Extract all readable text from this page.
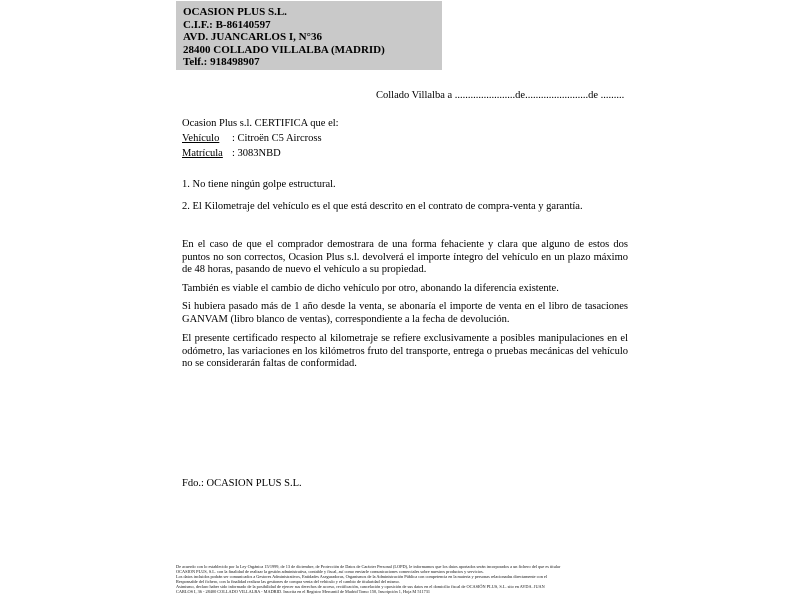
OCASION PLUS S.L.
C.I.F.: B-86140597
AVD. JUANCARLOS I, N°36
28400 COLLADO VILLALBA (MADRID)
Telf.: 918498907
Collado Villalba a .......................de........................de .........
Ocasion Plus s.l. CERTIFICA que el:
Vehículo : Citroën C5 Aircross
Matrícula : 3083NBD
1. No tiene ningún golpe estructural.
2. El Kilometraje del vehículo es el que está descrito en el contrato de compra-venta y garantía.

En el caso de que el comprador demostrara de una forma fehaciente y clara que alguno de estos dos puntos no son correctos, Ocasion Plus s.l. devolverá el importe íntegro del vehículo en un plazo máximo de 48 horas, pasando de nuevo el vehículo a su propiedad.

También es viable el cambio de dicho vehículo por otro, abonando la diferencia existente.

Si hubiera pasado más de 1 año desde la venta, se abonaría el importe de venta en el libro de tasaciones GANVAM (libro blanco de ventas), correspondiente a la fecha de devolución.

El presente certificado respecto al kilometraje se refiere exclusivamente a posibles manipulaciones en el odómetro, las variaciones en los kilómetros fruto del transporte, entrega o pruebas mecánicas del vehículo no se considerarán faltas de conformidad.

Fdo.: OCASION PLUS S.L.
De acuerdo con lo establecido por la Ley Orgánica 15/1999, de 13 de diciembre, de Protección de Datos de Carácter Personal (LOPD), le informamos que los datos aportados serán incorporados a un fichero del que es titular
OCASION PLUS, S.L. con la finalidad de realizar la gestión administrativa, contable y fiscal, así como enviarle comunicaciones comerciales sobre nuestros productos y servicios.
Los datos incluidos podrán ser comunicados a Gestores Administrativos, Entidades Aseguradoras, Organismos de la Administración Pública con competencia en la materia y personas relacionadas directamente con el
Responsable del fichero, con la finalidad realizar las gestiones de compra venta del vehículo y el cambio de titularidad del mismo.
Asimismo, declaro haber sido informado de la posibilidad de ejercer sus derechos de acceso, rectificación, cancelación y oposición de sus datos en el domicilio fiscal de OCASIÓN PLUS, S.L. sito en AVDA. JUAN
CARLOS I, 36 - 28400 COLLADO VILLALBA - MADRID. Inscrita en el Registro Mercantil de Madrid Tomo 150, Inscripción 1, Hoja M 511731
